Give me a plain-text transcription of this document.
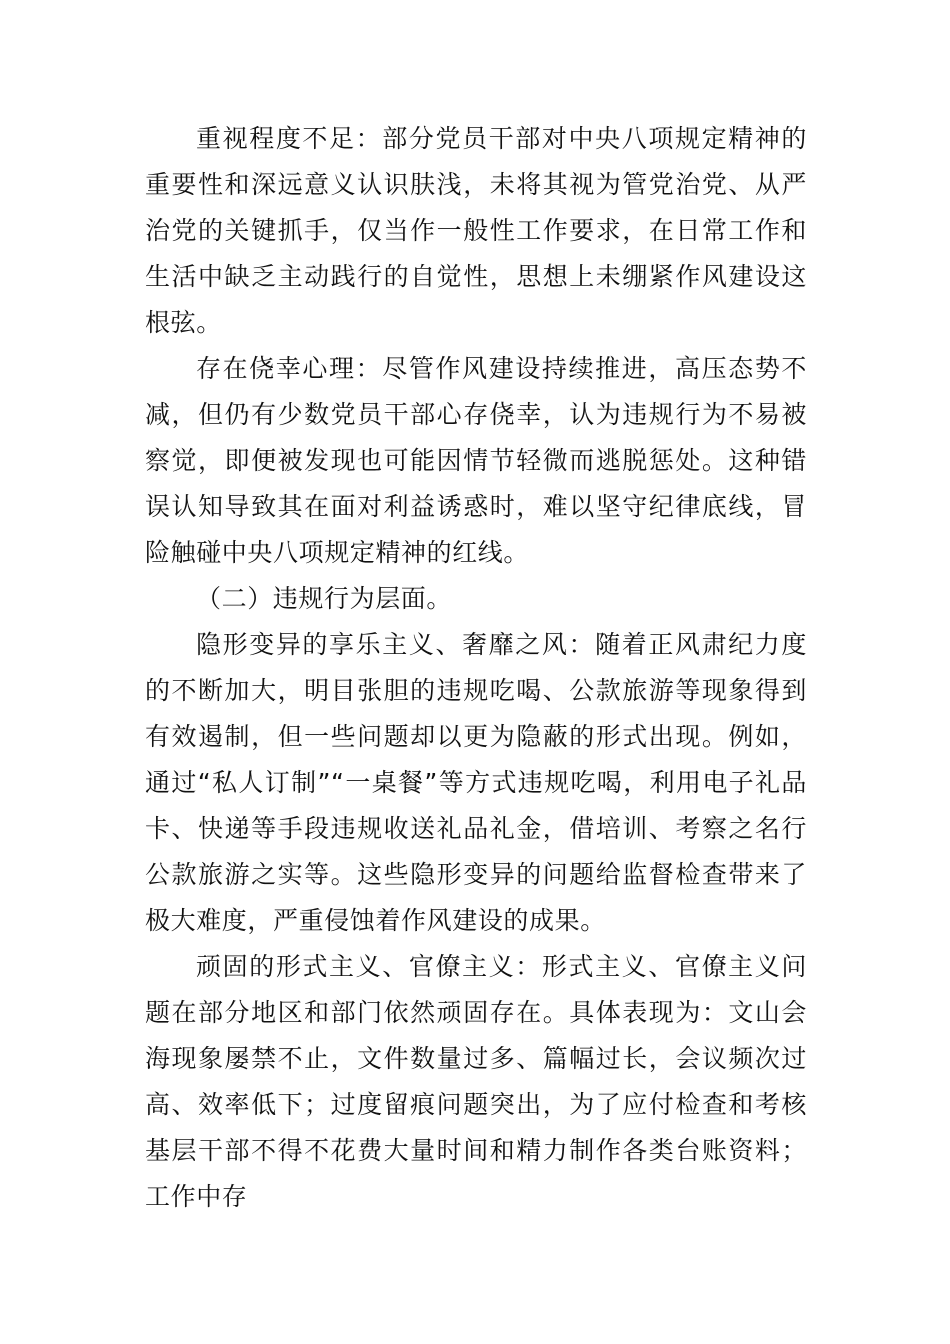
重视程度不足：部分党员干部对中央八项规定精神的重要性和深远意义认识肤浅，未将其视为管党治党、从严治党的关键抓手，仅当作一般性工作要求，在日常工作和生活中缺乏主动践行的自觉性，思想上未绷紧作风建设这根弦。

存在侥幸心理：尽管作风建设持续推进，高压态势不减，但仍有少数党员干部心存侥幸，认为违规行为不易被察觉，即便被发现也可能因情节轻微而逃脱惩处。这种错误认知导致其在面对利益诱惑时，难以坚守纪律底线，冒险触碰中央八项规定精神的红线。

（二）违规行为层面。

隐形变异的享乐主义、奢靡之风：随着正风肃纪力度的不断加大，明目张胆的违规吃喝、公款旅游等现象得到有效遏制，但一些问题却以更为隐蔽的形式出现。例如，通过“私人订制”“一桌餐”等方式违规吃喝，利用电子礼品卡、快递等手段违规收送礼品礼金，借培训、考察之名行公款旅游之实等。这些隐形变异的问题给监督检查带来了极大难度，严重侵蚀着作风建设的成果。

顽固的形式主义、官僚主义：形式主义、官僚主义问题在部分地区和部门依然顽固存在。具体表现为：文山会海现象屡禁不止，文件数量过多、篇幅过长，会议频次过高、效率低下；过度留痕问题突出，为了应付检查和考核基层干部不得不花费大量时间和精力制作各类台账资料；工作中存
